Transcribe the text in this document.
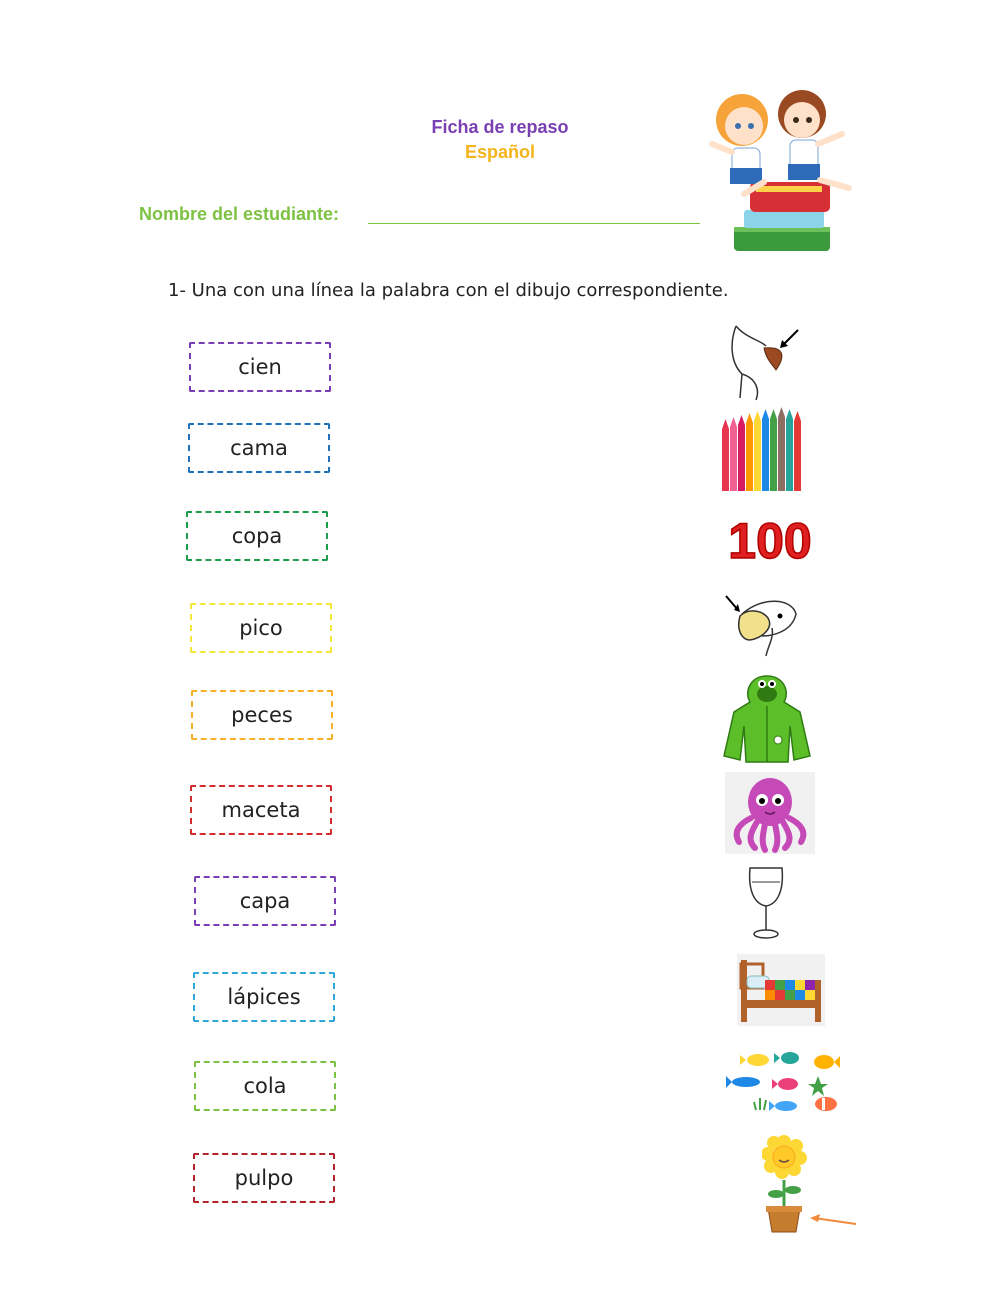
Ficha de repaso
Español
Nombre del estudiante:
1- Una con una línea la palabra con el dibujo correspondiente.
cien
cama
copa
pico
peces
maceta
capa
lápices
cola
pulpo
100
